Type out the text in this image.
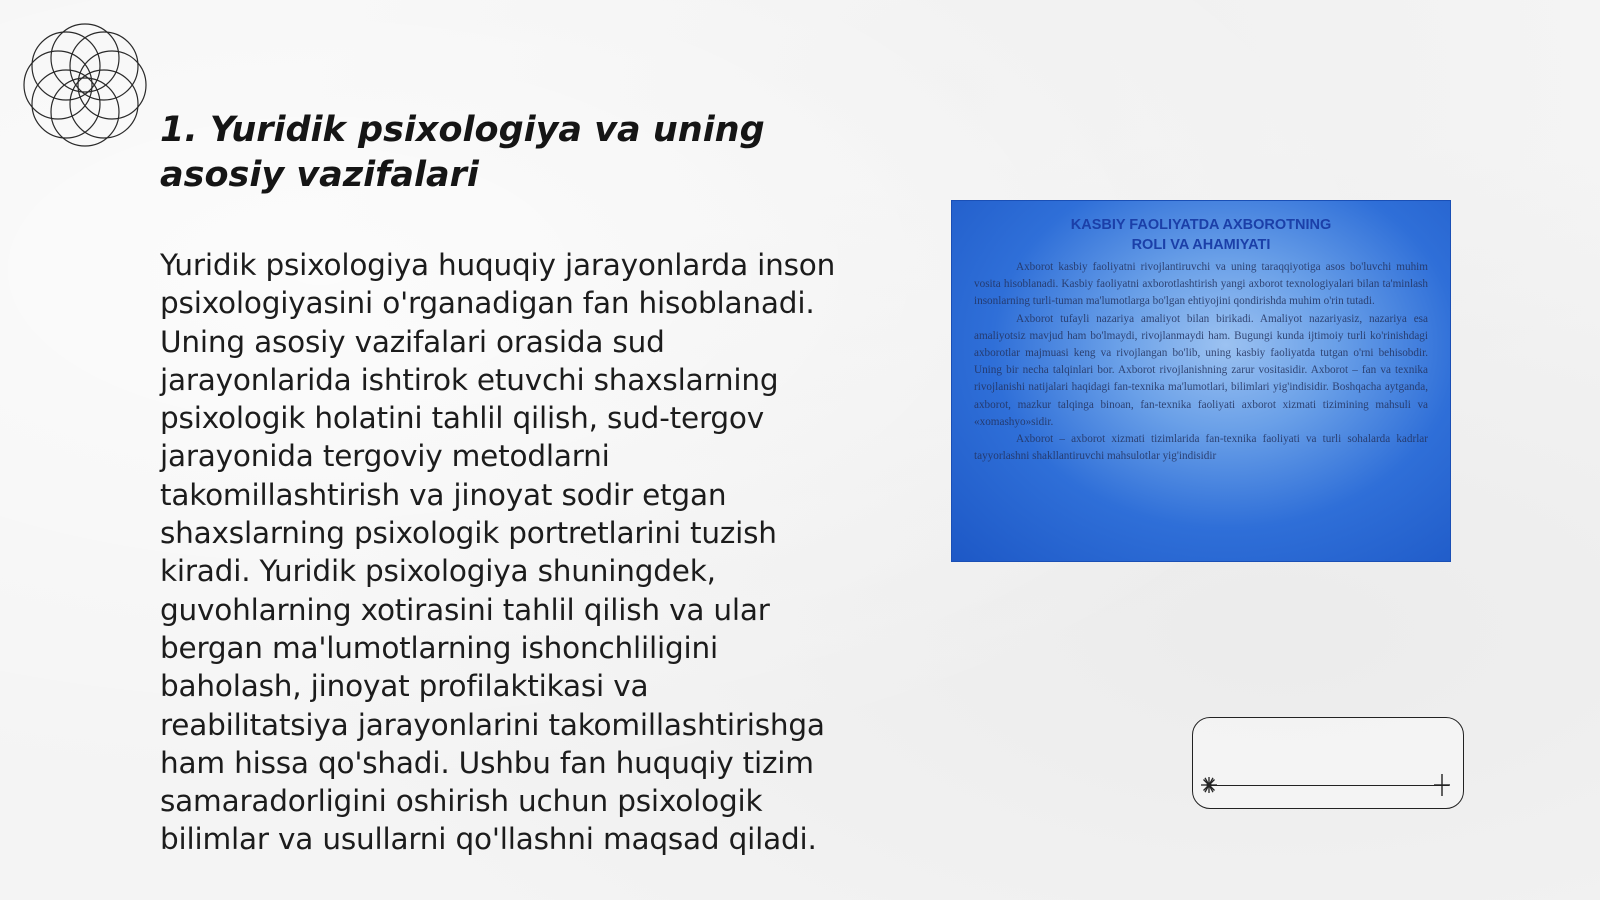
1. Yuridik psixologiya va uning asosiy vazifalari

Yuridik psixologiya huquqiy jarayonlarda inson psixologiyasini o'rganadigan fan hisoblanadi. Uning asosiy vazifalari orasida sud jarayonlarida ishtirok etuvchi shaxslarning psixologik holatini tahlil qilish, sud-tergov jarayonida tergoviy metodlarni takomillashtirish va jinoyat sodir etgan shaxslarning psixologik portretlarini tuzish kiradi. Yuridik psixologiya shuningdek, guvohlarning xotirasini tahlil qilish va ular bergan ma'lumotlarning ishonchliligini baholash, jinoyat profilaktikasi va reabilitatsiya jarayonlarini takomillashtirishga ham hissa qo'shadi. Ushbu fan huquqiy tizim samaradorligini oshirish uchun psixologik bilimlar va usullarni qo'llashni maqsad qiladi.

KASBIY FAOLIYATDA AXBOROTNING
ROLI VA AHAMIYATI

Axborot kasbiy faoliyatni rivojlantiruvchi va uning taraqqiyotiga asos bo'luvchi muhim vosita hisoblanadi. Kasbiy faoliyatni axborotlashtirish yangi axborot texnologiyalari bilan ta'minlash insonlarning turli-tuman ma'lumotlarga bo'lgan ehtiyojini qondirishda muhim o'rin tutadi.

Axborot tufayli nazariya amaliyot bilan birikadi. Amaliyot nazariyasiz, nazariya esa amaliyotsiz mavjud ham bo'lmaydi, rivojlanmaydi ham. Bugungi kunda ijtimoiy turli ko'rinishdagi axborotlar majmuasi keng va rivojlangan bo'lib, uning kasbiy faoliyatda tutgan o'rni behisobdir. Uning bir necha talqinlari bor. Axborot rivojlanishning zarur vositasidir. Axborot – fan va texnika rivojlanishi natijalari haqidagi fan-texnika ma'lumotlari, bilimlari yig'indisidir. Boshqacha aytganda, axborot, mazkur talqinga binoan, fan-texnika faoliyati axborot xizmati tizimining mahsuli va «xomashyo»sidir.

Axborot – axborot xizmati tizimlarida fan-texnika faoliyati va turli sohalarda kadrlar tayyorlashni shakllantiruvchi mahsulotlar yig'indisidir
